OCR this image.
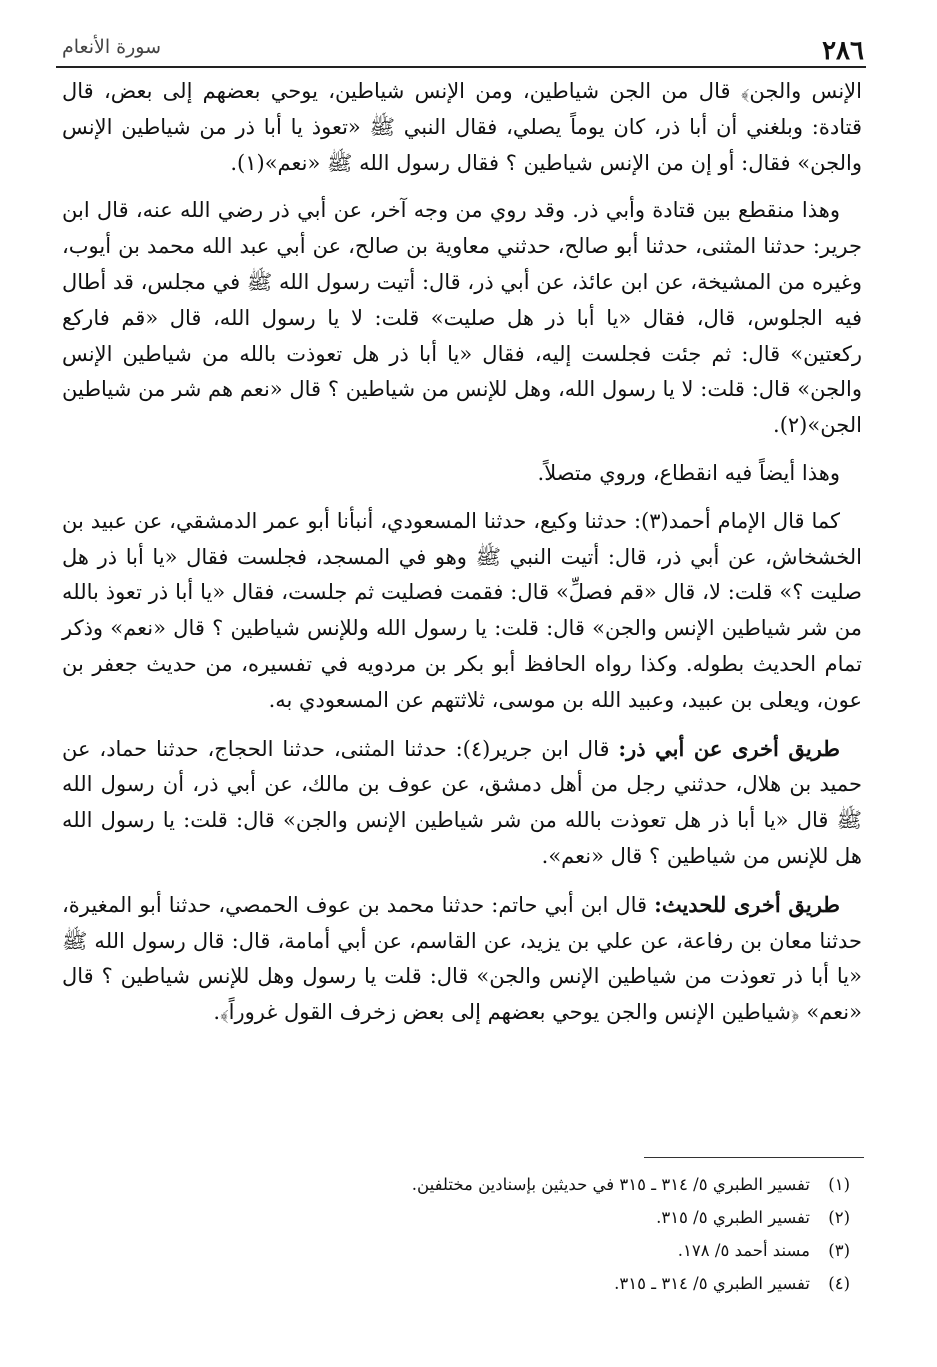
٢٨٦
سورة الأنعام

الإنس والجن﴾ قال من الجن شياطين، ومن الإنس شياطين، يوحي بعضهم إلى بعض، قال قتادة: وبلغني أن أبا ذر، كان يوماً يصلي، فقال النبي ﷺ «تعوذ يا أبا ذر من شياطين الإنس والجن» فقال: أو إن من الإنس شياطين ؟ فقال رسول الله ﷺ «نعم»(١).

وهذا منقطع بين قتادة وأبي ذر. وقد روي من وجه آخر، عن أبي ذر رضي الله عنه، قال ابن جرير: حدثنا المثنى، حدثنا أبو صالح، حدثني معاوية بن صالح، عن أبي عبد الله محمد بن أيوب، وغيره من المشيخة، عن ابن عائذ، عن أبي ذر، قال: أتيت رسول الله ﷺ في مجلس، قد أطال فيه الجلوس، قال، فقال «يا أبا ذر هل صليت» قلت: لا يا رسول الله، قال «قم فاركع ركعتين» قال: ثم جئت فجلست إليه، فقال «يا أبا ذر هل تعوذت بالله من شياطين الإنس والجن» قال: قلت: لا يا رسول الله، وهل للإنس من شياطين ؟ قال «نعم هم شر من شياطين الجن»(٢).

وهذا أيضاً فيه انقطاع، وروي متصلاً.

كما قال الإمام أحمد(٣): حدثنا وكيع، حدثنا المسعودي، أنبأنا أبو عمر الدمشقي، عن عبيد بن الخشخاش، عن أبي ذر، قال: أتيت النبي ﷺ وهو في المسجد، فجلست فقال «يا أبا ذر هل صليت ؟» قلت: لا، قال «قم فصلِّ» قال: فقمت فصليت ثم جلست، فقال «يا أبا ذر تعوذ بالله من شر شياطين الإنس والجن» قال: قلت: يا رسول الله وللإنس شياطين ؟ قال «نعم» وذكر تمام الحديث بطوله. وكذا رواه الحافظ أبو بكر بن مردويه في تفسيره، من حديث جعفر بن عون، ويعلى بن عبيد، وعبيد الله بن موسى، ثلاثتهم عن المسعودي به.

طريق أخرى عن أبي ذر: قال ابن جرير(٤): حدثنا المثنى، حدثنا الحجاج، حدثنا حماد، عن حميد بن هلال، حدثني رجل من أهل دمشق، عن عوف بن مالك، عن أبي ذر، أن رسول الله ﷺ قال «يا أبا ذر هل تعوذت بالله من شر شياطين الإنس والجن» قال: قلت: يا رسول الله هل للإنس من شياطين ؟ قال «نعم».

طريق أخرى للحديث: قال ابن أبي حاتم: حدثنا محمد بن عوف الحمصي، حدثنا أبو المغيرة، حدثنا معان بن رفاعة، عن علي بن يزيد، عن القاسم، عن أبي أمامة، قال: قال رسول الله ﷺ «يا أبا ذر تعوذت من شياطين الإنس والجن» قال: قلت يا رسول وهل للإنس شياطين ؟ قال «نعم» ﴿شياطين الإنس والجن يوحي بعضهم إلى بعض زخرف القول غروراً﴾.

(١)تفسير الطبري ٥/ ٣١٤ ـ ٣١٥ في حديثين بإسنادين مختلفين.
(٢)تفسير الطبري ٥/ ٣١٥.
(٣)مسند أحمد ٥/ ١٧٨.
(٤)تفسير الطبري ٥/ ٣١٤ ـ ٣١٥.
